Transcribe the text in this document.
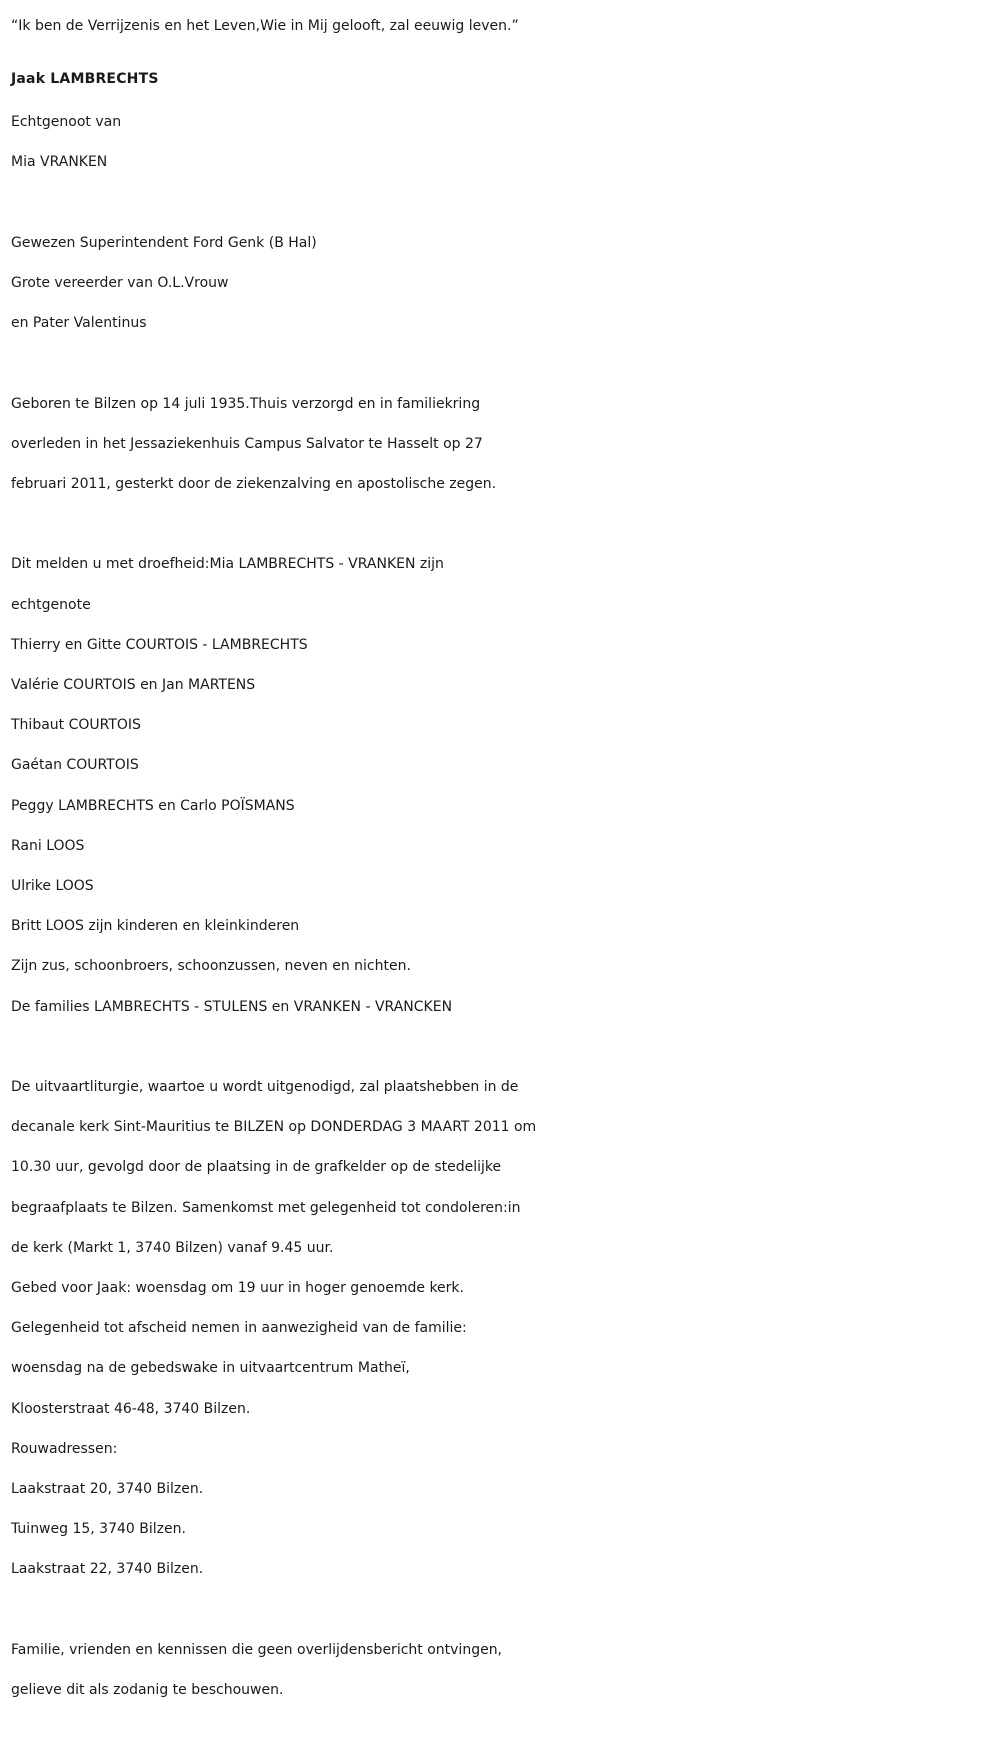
“Ik ben de Verrijzenis en het Leven,Wie in Mij gelooft, zal eeuwig leven.”

Jaak LAMBRECHTS

Echtgenoot van

Mia VRANKEN

Gewezen Superintendent Ford Genk (B Hal)

Grote vereerder van O.L.Vrouw

en Pater Valentinus

Geboren te Bilzen op 14 juli 1935.Thuis verzorgd en in familiekring

overleden in het Jessaziekenhuis Campus Salvator te Hasselt op 27

februari 2011, gesterkt door de ziekenzalving en apostolische zegen.

Dit melden u met droefheid:Mia LAMBRECHTS - VRANKEN zijn

echtgenote

Thierry en Gitte COURTOIS - LAMBRECHTS

Valérie COURTOIS en Jan MARTENS

Thibaut COURTOIS

Gaétan COURTOIS

Peggy LAMBRECHTS en Carlo POÏSMANS

Rani LOOS

Ulrike LOOS

Britt LOOS zijn kinderen en kleinkinderen

Zijn zus, schoonbroers, schoonzussen, neven en nichten.

De families LAMBRECHTS - STULENS en VRANKEN - VRANCKEN

De uitvaartliturgie, waartoe u wordt uitgenodigd, zal plaatshebben in de

decanale kerk Sint-Mauritius te BILZEN op DONDERDAG 3 MAART 2011 om

10.30 uur, gevolgd door de plaatsing in de grafkelder op de stedelijke

begraafplaats te Bilzen. Samenkomst met gelegenheid tot condoleren:in

de kerk (Markt 1, 3740 Bilzen) vanaf 9.45 uur.

Gebed voor Jaak: woensdag om 19 uur in hoger genoemde kerk.

Gelegenheid tot afscheid nemen in aanwezigheid van de familie:

woensdag na de gebedswake in uitvaartcentrum Matheï,

Kloosterstraat 46-48, 3740 Bilzen.

Rouwadressen:

Laakstraat 20, 3740 Bilzen.

Tuinweg 15, 3740 Bilzen.

Laakstraat 22, 3740 Bilzen.

Familie, vrienden en kennissen die geen overlijdensbericht ontvingen,

gelieve dit als zodanig te beschouwen.
